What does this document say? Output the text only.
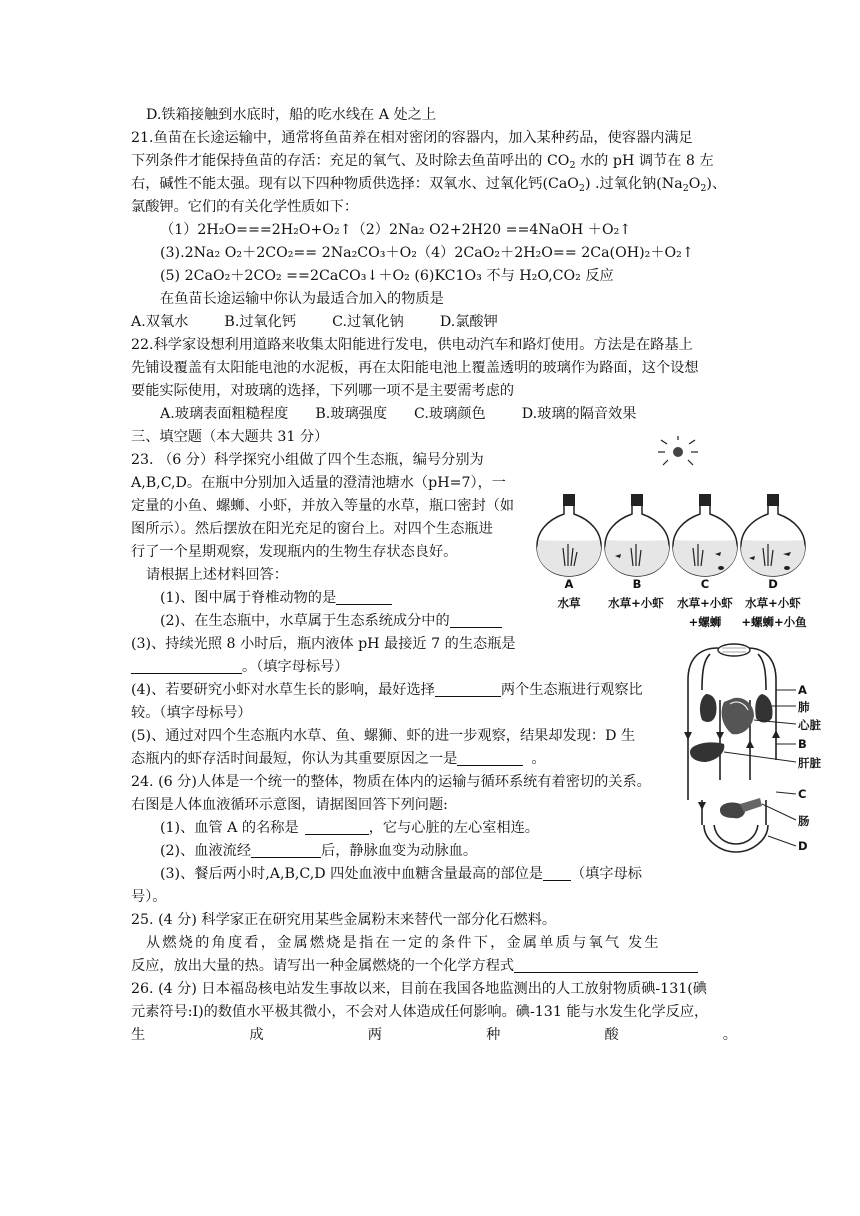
D.铁箱接触到水底时，船的吃水线在 A 处之上
21.鱼苗在长途运输中，通常将鱼苗养在相对密闭的容器内，加入某种药品，使容器内满足
下列条件才能保持鱼苗的存活：充足的氧气、及时除去鱼苗呼出的 $CO_2$ 水的 pH 调节在 8 左
右，碱性不能太强。现有以下四种物质供选择：双氧水、过氧化钙(CaO$_2$) .过氧化钠$(Na_2O_2)$、
氯酸钾。它们的有关化学性质如下：
（1）2H₂O===2H₂O+O₂↑（2）2Na₂ O2+2H20 ==4NaOH ＋O₂↑
(3).2Na₂ O₂＋2CO₂== 2Na₂CO₃＋O₂（4）2CaO₂＋2H₂O== 2Ca(OH)₂＋O₂↑
(5) 2CaO₂＋2CO₂ ==2CaCO₃↓＋O₂ (6)KC1O₃ 不与 H₂O,CO₂ 反应
在鱼苗长途运输中你认为最适合加入的物质是
A.双氧水        B.过氧化钙        C.过氧化钠        D.氯酸钾
22.科学家设想利用道路来收集太阳能进行发电，供电动汽车和路灯使用。方法是在路基上
先铺设覆盖有太阳能电池的水泥板，再在太阳能电池上覆盖透明的玻璃作为路面，这个设想
要能实际使用，对玻璃的选择，下列哪一项不是主要需考虑的
A.玻璃表面粗糙程度      B.玻璃强度      C.玻璃颜色        D.玻璃的隔音效果
三、填空题（本大题共 31 分）
23. （6 分）科学探究小组做了四个生态瓶，编号分别为
A,B,C,D。在瓶中分别加入适量的澄清池塘水（pH=7），一
定量的小鱼、螺蛳、小虾，并放入等量的水草，瓶口密封（如
图所示）。然后摆放在阳光充足的窗台上。对四个生态瓶进
行了一个星期观察，发现瓶内的生物生存状态良好。
请根据上述材料回答：
(1)、图中属于脊椎动物的是
(2)、在生态瓶中，水草属于生态系统成分中的
(3)、持续光照 8 小时后，瓶内液体 pH 最接近 7 的生态瓶是
。（填字母标号）
(4)、若要研究小虾对水草生长的影响，最好选择	两个生态瓶进行观察比
较。（填字母标号）
(5)、通过对四个生态瓶内水草、鱼、螺狮、虾的进一步观察，结果却发现：D 生
态瓶内的虾存活时间最短，你认为其重要原因之一是	。
24. (6 分)人体是一个统一的整体，物质在体内的运输与循环系统有着密切的关系。
右图是人体血液循环示意图，请据图回答下列问题:
(1)、血管 A 的名称是	，它与心脏的左心室相连。
(2)、血液流经	后，静脉血变为动脉血。
(3)、餐后两小时,A,B,C,D 四处血液中血糖含量最高的部位是 （填字母标
号）。
25. (4 分) 科学家正在研究用某些金属粉末来替代一部分化石燃料。
从燃烧的角度看，金属燃烧是指在一定的条件下，金属单质与氧气 发生
反应，放出大量的热。请写出一种金属燃烧的一个化学方程式
26. (4 分) 日本福岛核电站发生事故以来，目前在我国各地监测出的人工放射物质碘-131(碘
元素符号:I)的数值水平极其微小，不会对人体造成任何影响。碘-131 能与水发生化学反应，
生	成	两	种	酸	。
A	B	C	D
水草	水草+小虾	水草+小虾	水草+小虾
+螺蛳	+螺蛳+小鱼
A
肺
心脏
B
肝脏
C
肠
D
